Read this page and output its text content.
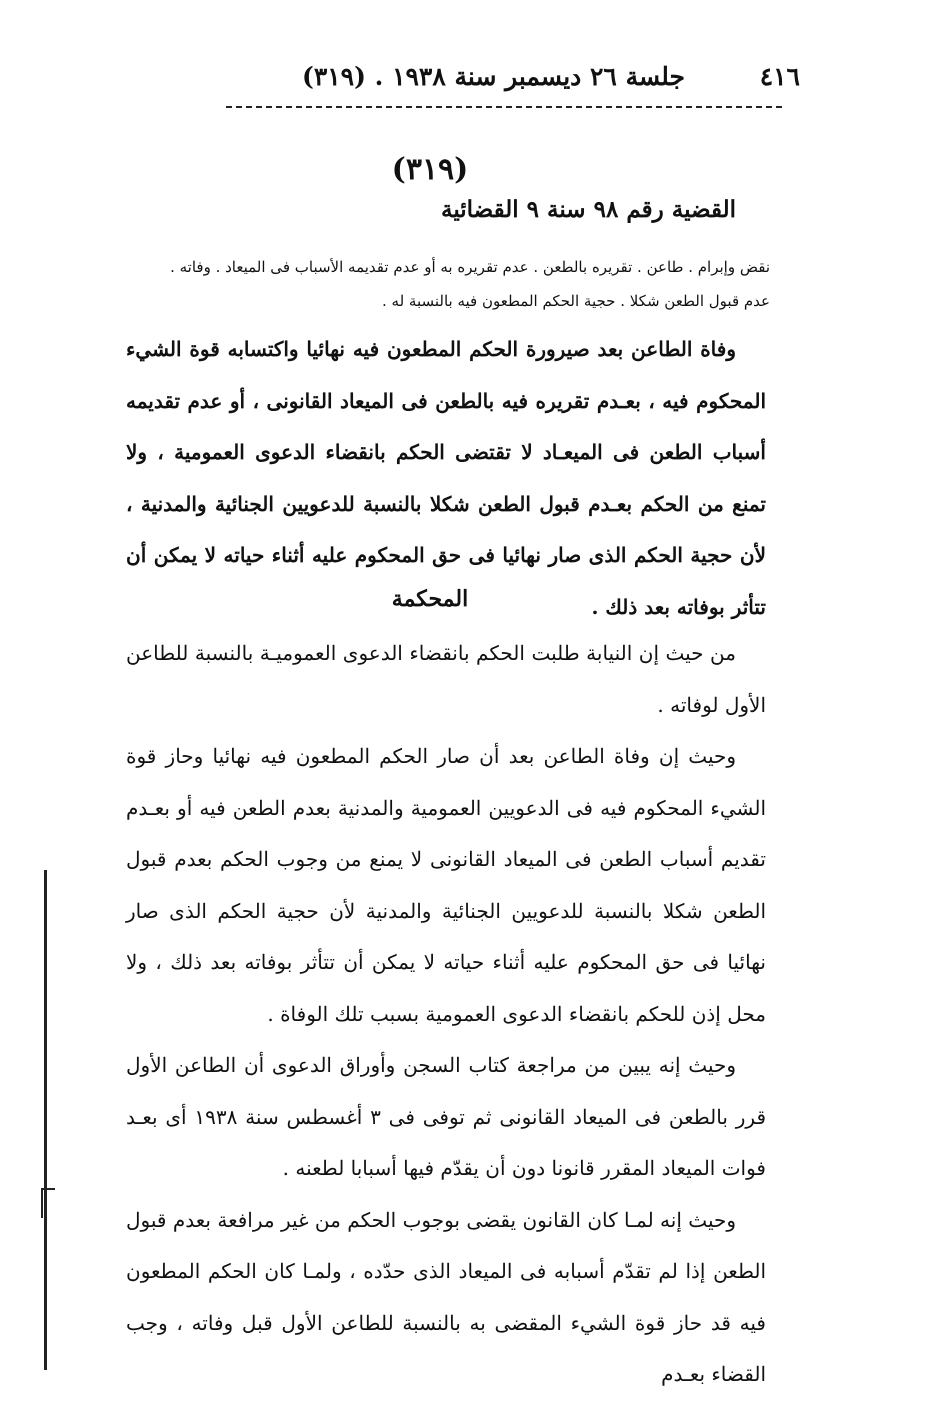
٤١٦
جلسة ٢٦ ديسمبر سنة ١٩٣٨ . (٣١٩)
(٣١٩)
القضية رقم ٩٨ سنة ٩ القضائية

نقض وإبرام . طاعن . تقريره بالطعن . عدم تقريره به أو عدم تقديمه الأسباب فى الميعاد . وفاته .

عدم قبول الطعن شكلا . حجية الحكم المطعون فيه بالنسبة له .

وفاة الطاعن بعد صيرورة الحكم المطعون فيه نهائيا واكتسابه قوة الشيء المحكوم فيه ، بعـدم تقريره فيه بالطعن فى الميعاد القانونى ، أو عدم تقديمه أسباب الطعن فى الميعـاد لا تقتضى الحكم بانقضاء الدعوى العمومية ، ولا تمنع من الحكم بعـدم قبول الطعن شكلا بالنسبة للدعويين الجنائية والمدنية ، لأن حجية الحكم الذى صار نهائيا فى حق المحكوم عليه أثناء حياته لا يمكن أن تتأثر بوفاته بعد ذلك .

المحكمة

من حيث إن النيابة طلبت الحكم بانقضاء الدعوى العموميـة بالنسبة للطاعن الأول لوفاته .

وحيث إن وفاة الطاعن بعد أن صار الحكم المطعون فيه نهائيا وحاز قوة الشيء المحكوم فيه فى الدعويين العمومية والمدنية بعدم الطعن فيه أو بعـدم تقديم أسباب الطعن فى الميعاد القانونى لا يمنع من وجوب الحكم بعدم قبول الطعن شكلا بالنسبة للدعويين الجنائية والمدنية لأن حجية الحكم الذى صار نهائيا فى حق المحكوم عليه أثناء حياته لا يمكن أن تتأثر بوفاته بعد ذلك ، ولا محل إذن للحكم بانقضاء الدعوى العمومية بسبب تلك الوفاة .

وحيث إنه يبين من مراجعة كتاب السجن وأوراق الدعوى أن الطاعن الأول قرر بالطعن فى الميعاد القانونى ثم توفى فى ٣ أغسطس سنة ١٩٣٨ أى بعـد فوات الميعاد المقرر قانونا دون أن يقدّم فيها أسبابا لطعنه .

وحيث إنه لمـا كان القانون يقضى بوجوب الحكم من غير مرافعة بعدم قبول الطعن إذا لم تقدّم أسبابه فى الميعاد الذى حدّده ، ولمـا كان الحكم المطعون فيه قد حاز قوة الشيء المقضى به بالنسبة للطاعن الأول قبل وفاته ، وجب القضاء بعـدم
